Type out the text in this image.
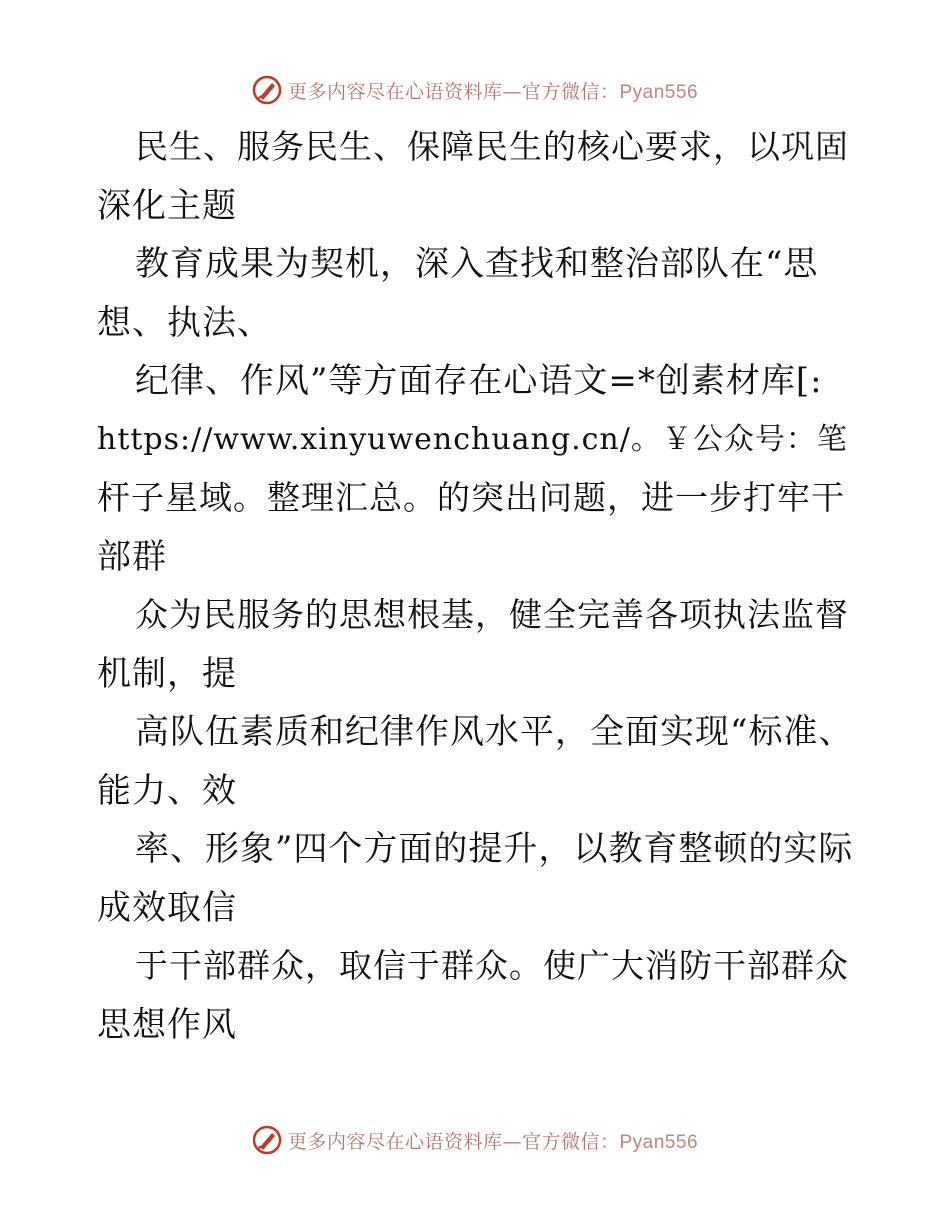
更多内容尽在心语资料库—官方微信：Pyan556
民生、服务民生、保障民生的核心要求，以巩固
深化主题
教育成果为契机，深入查找和整治部队在“思
想、执法、
纪律、作风”等方面存在心语文=*创素材库[:
https://www.xinyuwenchuang.cn/。￥公众号：笔
杆子星域。整理汇总。的突出问题，进一步打牢干
部群
众为民服务的思想根基，健全完善各项执法监督
机制，提
高队伍素质和纪律作风水平，全面实现“标准、
能力、效
率、形象”四个方面的提升，以教育整顿的实际
成效取信
于干部群众，取信于群众。使广大消防干部群众
思想作风
更多内容尽在心语资料库—官方微信：Pyan556
